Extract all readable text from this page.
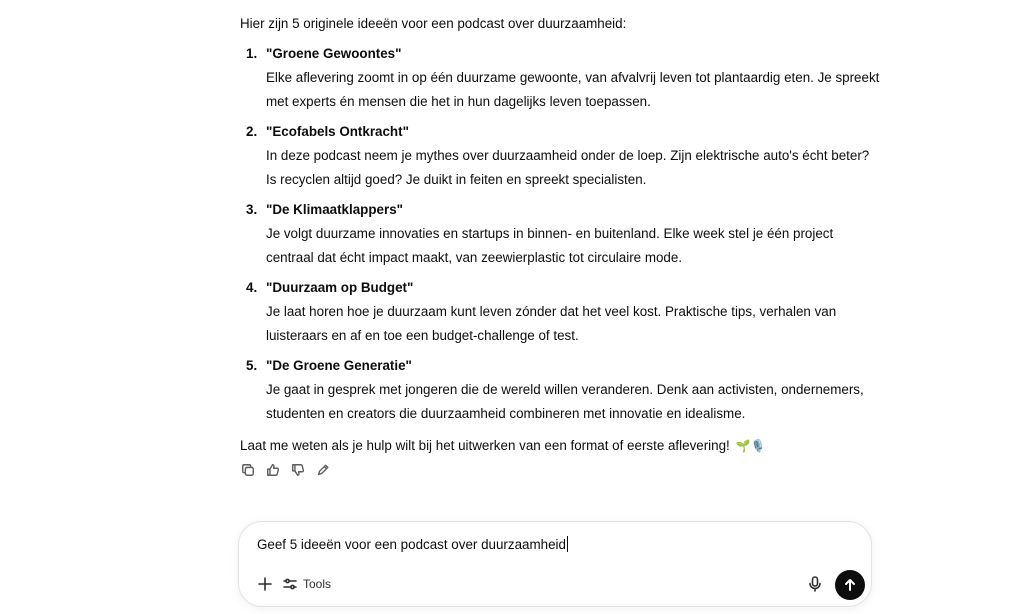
Hier zijn 5 originele ideeën voor een podcast over duurzaamheid:

1. "Groene Gewoontes"
Elke aflevering zoomt in op één duurzame gewoonte, van afvalvrij leven tot plantaardig eten. Je spreekt met experts én mensen die het in hun dagelijks leven toepassen.
2. "Ecofabels Ontkracht"
In deze podcast neem je mythes over duurzaamheid onder de loep. Zijn elektrische auto's écht beter? Is recyclen altijd goed? Je duikt in feiten en spreekt specialisten.
3. "De Klimaatklappers"
Je volgt duurzame innovaties en startups in binnen- en buitenland. Elke week stel je één project centraal dat écht impact maakt, van zeewierplastic tot circulaire mode.
4. "Duurzaam op Budget"
Je laat horen hoe je duurzaam kunt leven zónder dat het veel kost. Praktische tips, verhalen van luisteraars en af en toe een budget-challenge of test.
5. "De Groene Generatie"
Je gaat in gesprek met jongeren die de wereld willen veranderen. Denk aan activisten, ondernemers, studenten en creators die duurzaamheid combineren met innovatie en idealisme.

Laat me weten als je hulp wilt bij het uitwerken van een format of eerste aflevering! 🌱🎙️

Geef 5 ideeën voor een podcast over duurzaamheid
Tools
